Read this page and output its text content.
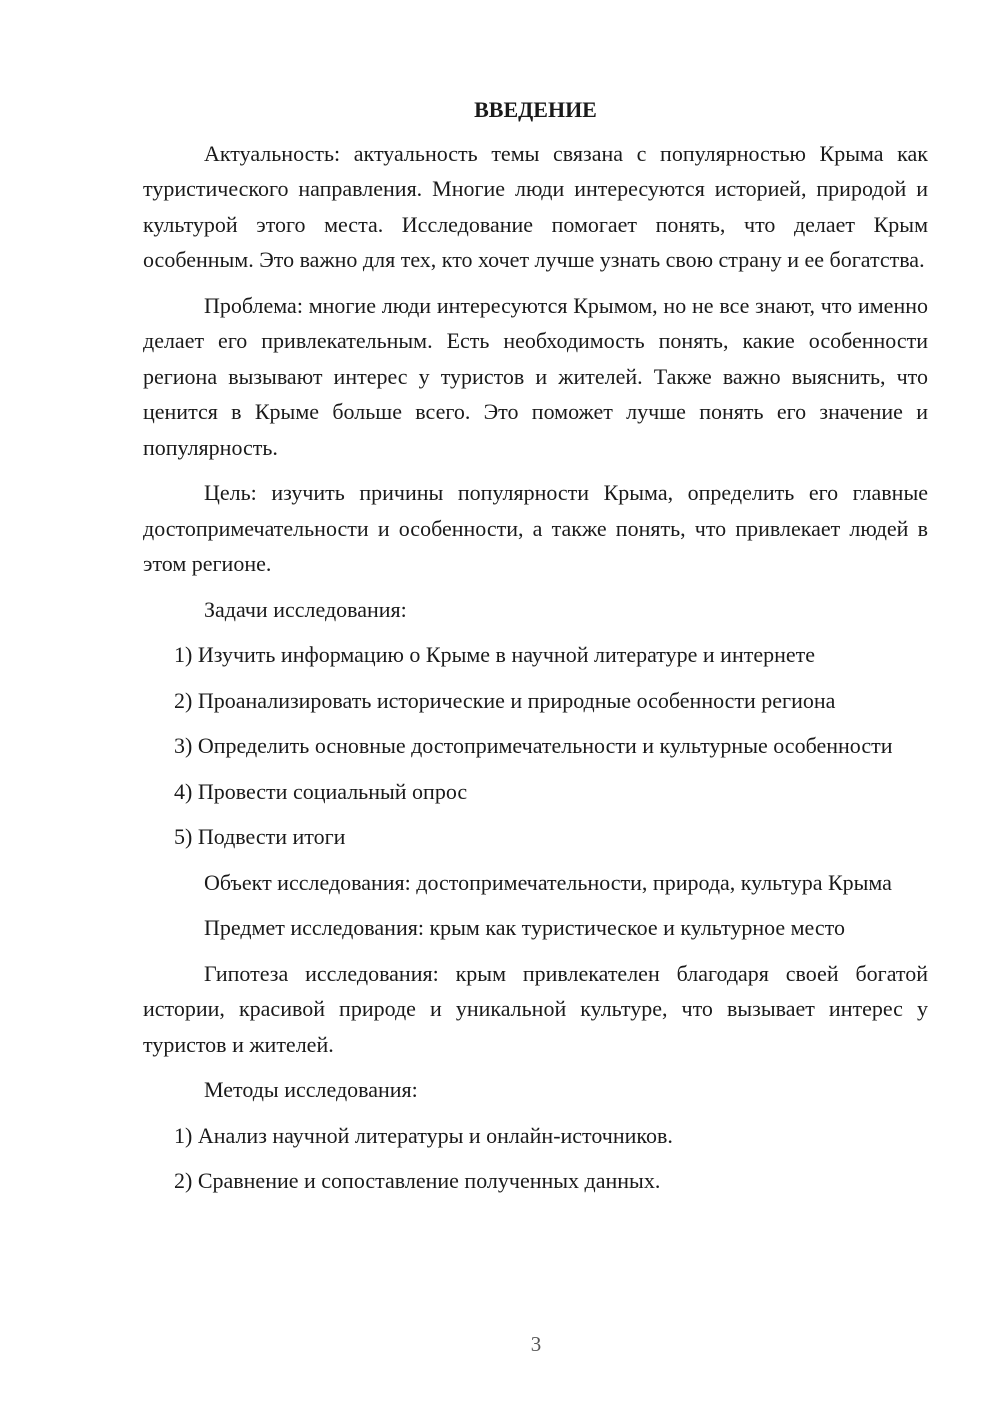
ВВЕДЕНИЕ

Актуальность: актуальность темы связана с популярностью Крыма как туристического направления. Многие люди интересуются историей, природой и культурой этого места. Исследование помогает понять, что делает Крым особенным. Это важно для тех, кто хочет лучше узнать свою страну и ее богатства.

Проблема: многие люди интересуются Крымом, но не все знают, что именно делает его привлекательным. Есть необходимость понять, какие особенности региона вызывают интерес у туристов и жителей. Также важно выяснить, что ценится в Крыме больше всего. Это поможет лучше понять его значение и популярность.

Цель: изучить причины популярности Крыма, определить его главные достопримечательности и особенности, а также понять, что привлекает людей в этом регионе.

Задачи исследования:

1) Изучить информацию о Крыме в научной литературе и интернете

2) Проанализировать исторические и природные особенности региона

3) Определить основные достопримечательности и культурные особенности

4) Провести социальный опрос

5) Подвести итоги

Объект исследования: достопримечательности, природа, культура Крыма

Предмет исследования: крым как туристическое и культурное место

Гипотеза исследования: крым привлекателен благодаря своей богатой истории, красивой природе и уникальной культуре, что вызывает интерес у туристов и жителей.

Методы исследования:

1) Анализ научной литературы и онлайн-источников.

2) Сравнение и сопоставление полученных данных.

3
